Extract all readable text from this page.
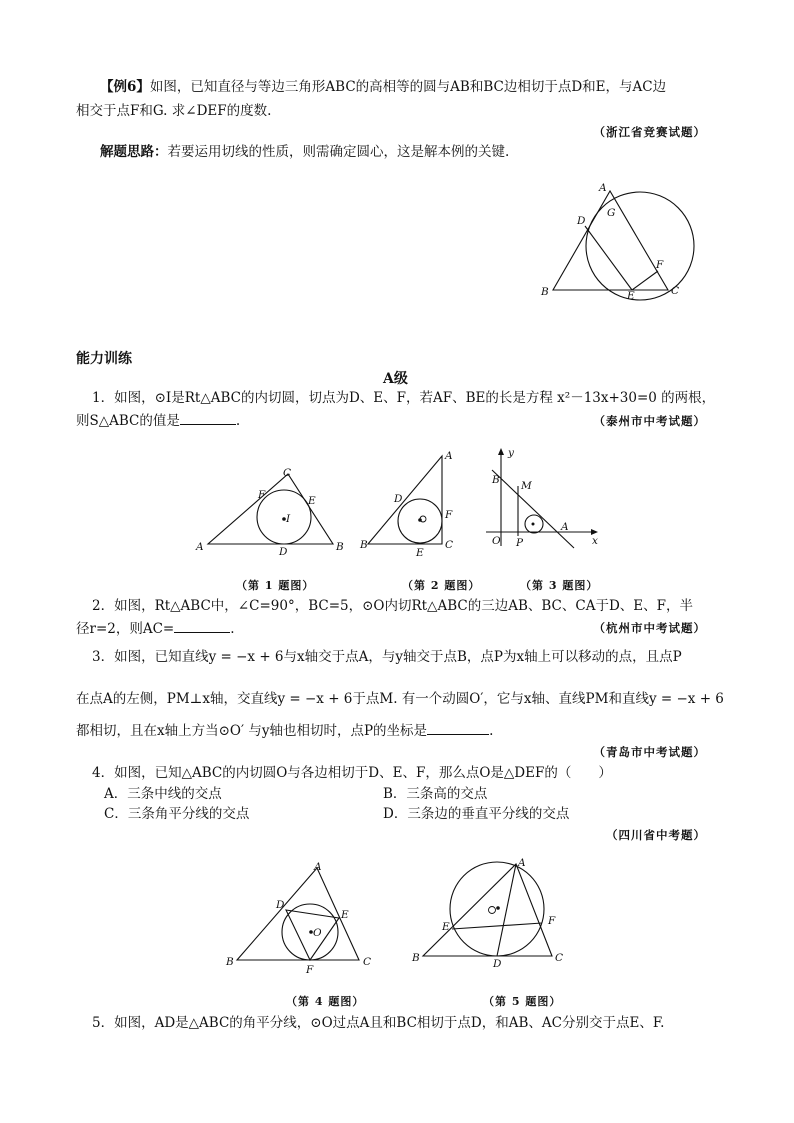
【例6】如图，已知直径与等边三角形ABC的高相等的圆与AB和BC边相切于点D和E，与AC边
相交于点F和G. 求∠DEF的度数.
（浙江省竞赛试题）
解题思路：若要运用切线的性质，则需确定圆心，这是解本例的关键.
A
B	C
D
E
F
G
能力训练
A级
1．如图，⊙I是Rt△ABC的内切圆，切点为D、E、F，若AF、BE的长是方程 x²－13x+30=0 的两根，
则S△ABC的值是	.	（泰州市中考试题）
I
A	B
C
D
E
F
A
B	C
D
E
F
y
x
B M
A
O P
（第 1 题图）	（第 2 题图）	（第 3 题图）
2．如图，Rt△ABC中，∠C=90°，BC=5，⊙O内切Rt△ABC的三边AB、BC、CA于D、E、F，半
径r=2，则AC=	.	（杭州市中考试题）
3．如图，已知直线y = −x + 6与x轴交于点A，与y轴交于点B，点P为x轴上可以移动的点，且点P
在点A的左侧，PM⊥x轴，交直线y = −x + 6于点M. 有一个动圆O′，它与x轴、直线PM和直线y = −x + 6
都相切，且在x轴上方当⊙O′ 与y轴也相切时，点P的坐标是	.
（青岛市中考试题）
4．如图，已知△ABC的内切圆O与各边相切于D、E、F，那么点O是△DEF的（　　）
A．三条中线的交点	B．三条高的交点
C．三条角平分线的交点	D．三条边的垂直平分线的交点
（四川省中考题）
O
A
B	C
D
E
F
A
B	C
D
E	F
（第 4 题图）	（第 5 题图）
5．如图，AD是△ABC的角平分线，⊙O过点A且和BC相切于点D，和AB、AC分别交于点E、F.
